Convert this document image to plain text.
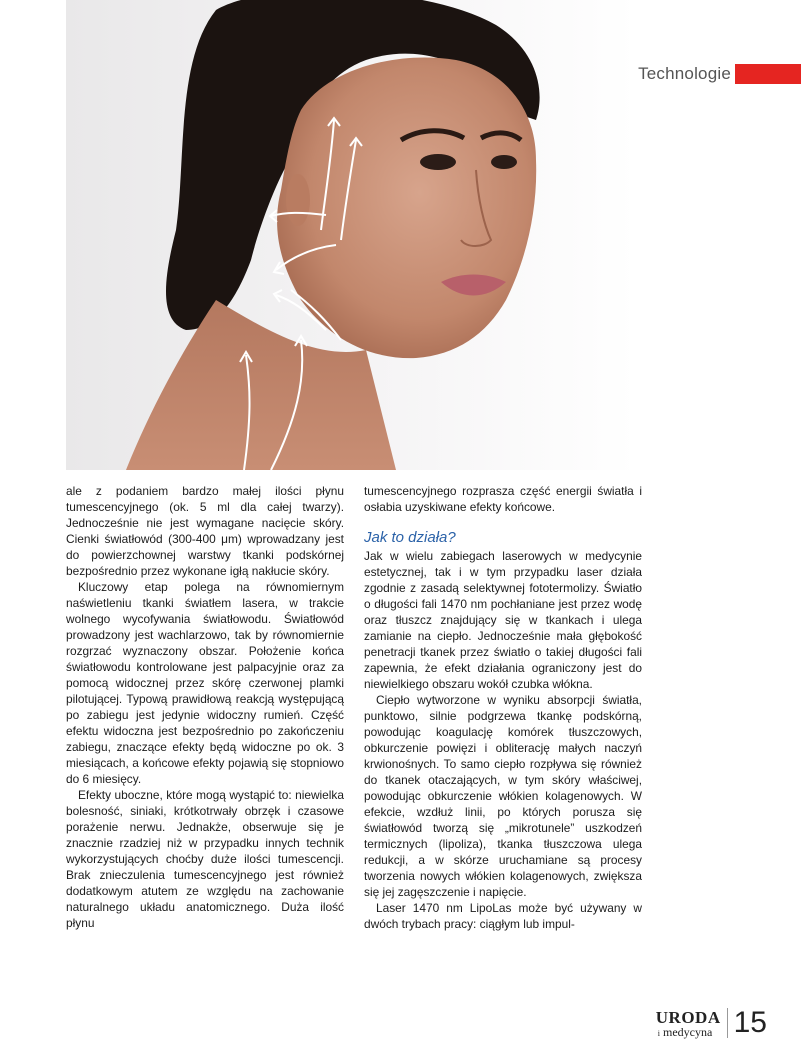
Technologie

ale z podaniem bardzo małej ilości płynu tumescencyjnego (ok. 5 ml dla całej twarzy). Jednocześnie nie jest wymagane nacięcie skóry. Cienki światłowód (300-400 μm) wprowadzany jest do powierzchownej warstwy tkanki podskórnej bezpośrednio przez wykonane igłą nakłucie skóry.

Kluczowy etap polega na równomiernym naświetleniu tkanki światłem lasera, w trakcie wolnego wycofywania światłowodu. Światłowód prowadzony jest wachlarzowo, tak by równomiernie rozgrzać wyznaczony obszar. Położenie końca światłowodu kontrolowane jest palpacyjnie oraz za pomocą widocznej przez skórę czerwonej plamki pilotującej. Typową prawidłową reakcją występującą po zabiegu jest jedynie widoczny rumień. Część efektu widoczna jest bezpośrednio po zakończeniu zabiegu, znaczące efekty będą widoczne po ok. 3 miesiącach, a końcowe efekty pojawią się stopniowo do 6 miesięcy.

Efekty uboczne, które mogą wystąpić to: niewielka bolesność, siniaki, krótkotrwały obrzęk i czasowe porażenie nerwu. Jednakże, obserwuje się je znacznie rzadziej niż w przypadku innych technik wykorzystujących choćby duże ilości tumescencji. Brak znieczulenia tumescencyjnego jest również dodatkowym atutem ze względu na zachowanie naturalnego układu anatomicznego. Duża ilość płynu

tumescencyjnego rozprasza część energii światła i osłabia uzyskiwane efekty końcowe.

Jak to działa?

Jak w wielu zabiegach laserowych w medycynie estetycznej, tak i w tym przypadku laser działa zgodnie z zasadą selektywnej fototermolizy. Światło o długości fali 1470 nm pochłaniane jest przez wodę oraz tłuszcz znajdujący się w tkankach i ulega zamianie na ciepło. Jednocześnie mała głębokość penetracji tkanek przez światło o takiej długości fali zapewnia, że efekt działania ograniczony jest do niewielkiego obszaru wokół czubka włókna.

Ciepło wytworzone w wyniku absorpcji światła, punktowo, silnie podgrzewa tkankę podskórną, powodując koagulację komórek tłuszczowych, obkurczenie powięzi i obliterację małych naczyń krwionośnych. To samo ciepło rozpływa się również do tkanek otaczających, w tym skóry właściwej, powodując obkurczenie włókien kolagenowych. W efekcie, wzdłuż linii, po których porusza się światłowód tworzą się „mikrotunele” uszkodzeń termicznych (lipoliza), tkanka tłuszczowa ulega redukcji, a w skórze uruchamiane są procesy tworzenia nowych włókien kolagenowych, zwiększa się jej zagęszczenie i napięcie.

Laser 1470 nm LipoLas może być używany w dwóch trybach pracy: ciągłym lub impul-

URODA
i medycyna 15
